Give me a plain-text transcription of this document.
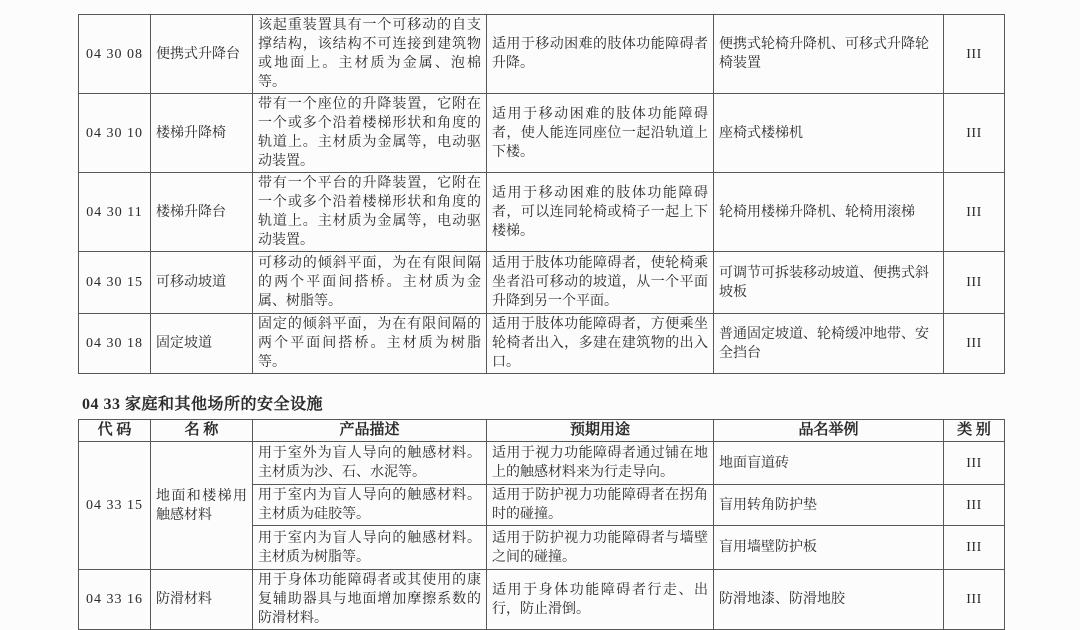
04 30 08	便携式升降台	该起重装置具有一个可移动的自支撑结构，该结构不可连接到建筑物或地面上。主材质为金属、泡棉等。	适用于移动困难的肢体功能障碍者升降。	便携式轮椅升降机、可移式升降轮椅装置	III
04 30 10	楼梯升降椅	带有一个座位的升降装置，它附在一个或多个沿着楼梯形状和角度的轨道上。主材质为金属等，电动驱动装置。	适用于移动困难的肢体功能障碍者，使人能连同座位一起沿轨道上下楼。	座椅式楼梯机	III
04 30 11	楼梯升降台	带有一个平台的升降装置，它附在一个或多个沿着楼梯形状和角度的轨道上。主材质为金属等，电动驱动装置。	适用于移动困难的肢体功能障碍者，可以连同轮椅或椅子一起上下楼梯。	轮椅用楼梯升降机、轮椅用滚梯	III
04 30 15	可移动坡道	可移动的倾斜平面，为在有限间隔的两个平面间搭桥。主材质为金属、树脂等。	适用于肢体功能障碍者，使轮椅乘坐者沿可移动的坡道，从一个平面升降到另一个平面。	可调节可拆装移动坡道、便携式斜坡板	III
04 30 18	固定坡道	固定的倾斜平面，为在有限间隔的两个平面间搭桥。主材质为树脂等。	适用于肢体功能障碍者，方便乘坐轮椅者出入，多建在建筑物的出入口。	普通固定坡道、轮椅缓冲地带、安全挡台	III
04 33 家庭和其他场所的安全设施
代 码	名 称	产品描述	预期用途	品名举例	类 别
04 33 15	地面和楼梯用触感材料	用于室外为盲人导向的触感材料。主材质为沙、石、水泥等。	适用于视力功能障碍者通过铺在地上的触感材料来为行走导向。	地面盲道砖	III
		用于室内为盲人导向的触感材料。主材质为硅胶等。	适用于防护视力功能障碍者在拐角时的碰撞。	盲用转角防护垫	III
		用于室内为盲人导向的触感材料。主材质为树脂等。	适用于防护视力功能障碍者与墙壁之间的碰撞。	盲用墙壁防护板	III
04 33 16	防滑材料	用于身体功能障碍者或其使用的康复辅助器具与地面增加摩擦系数的防滑材料。	适用于身体功能障碍者行走、出行，防止滑倒。	防滑地漆、防滑地胶	III
